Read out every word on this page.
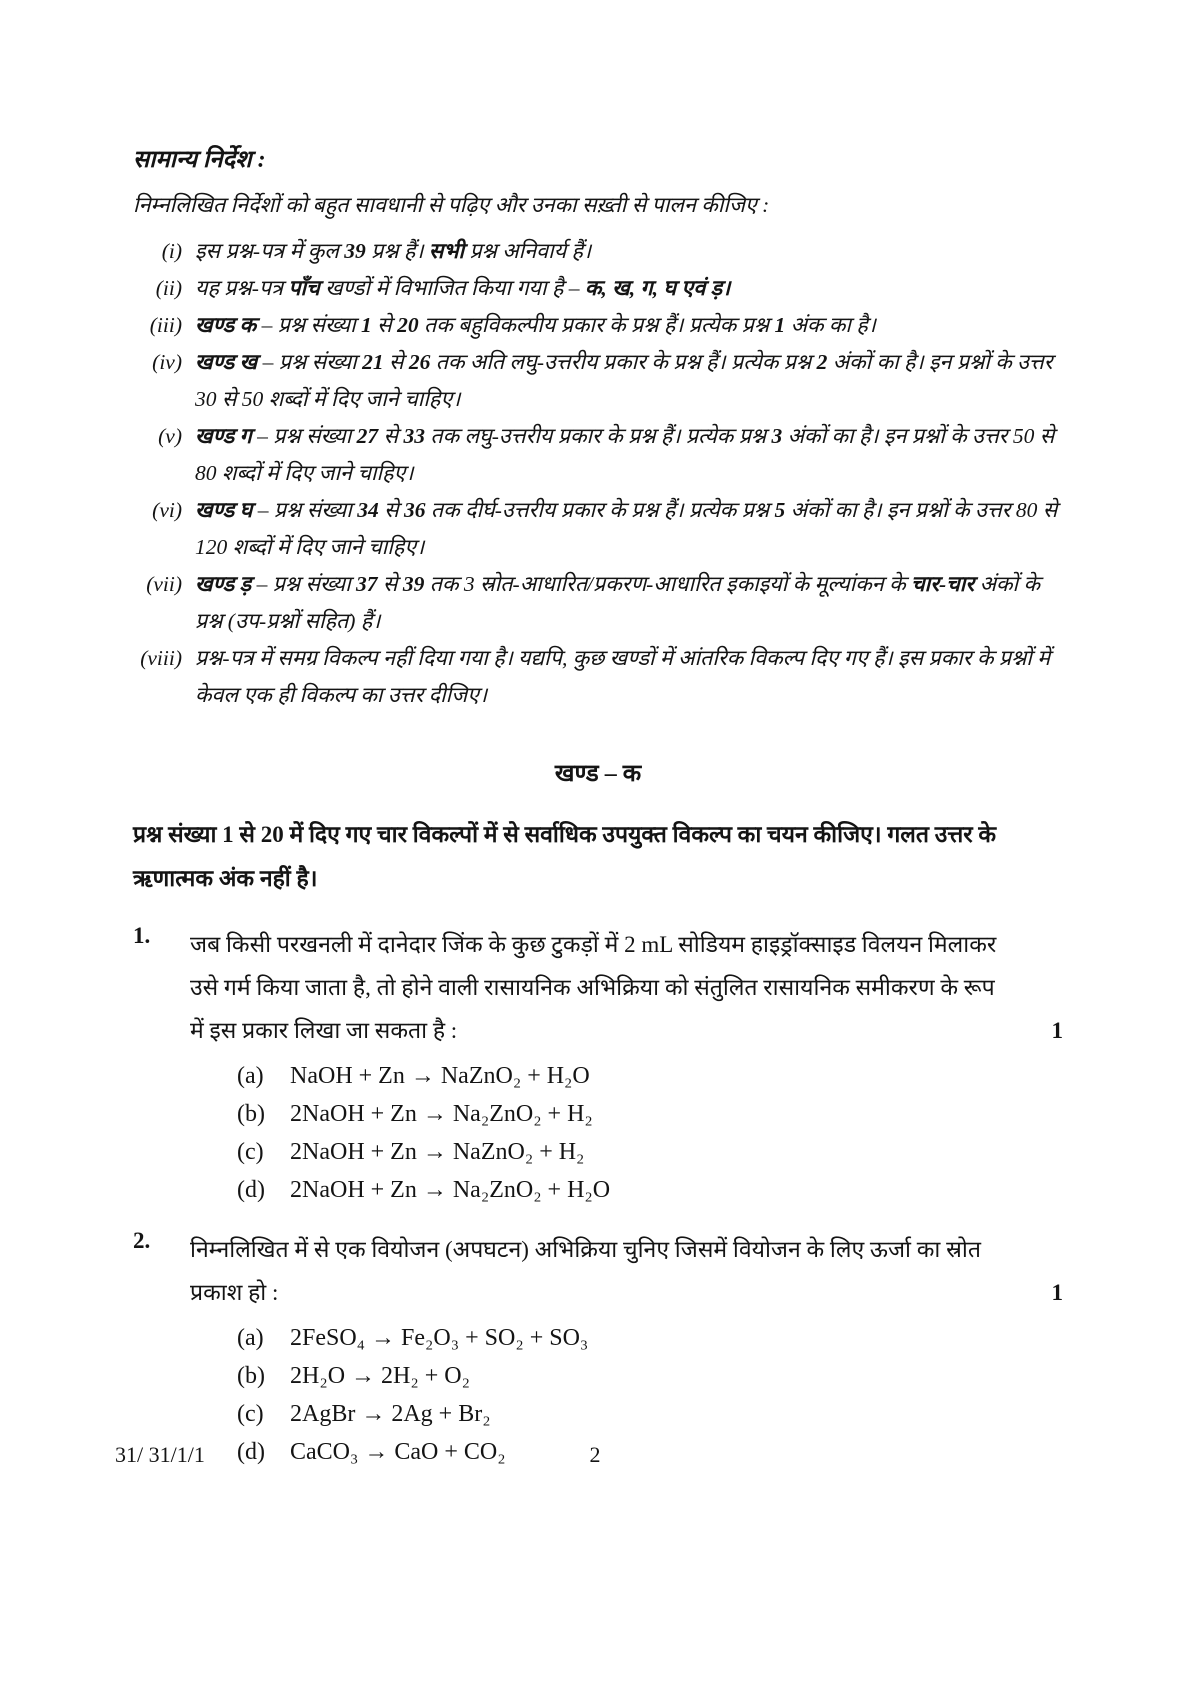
सामान्य निर्देश :

निम्नलिखित निर्देशों को बहुत सावधानी से पढ़िए और उनका सख़्ती से पालन कीजिए :

(i) इस प्रश्न-पत्र में कुल 39 प्रश्न हैं। सभी प्रश्न अनिवार्य हैं।
(ii) यह प्रश्न-पत्र पाँच खण्डों में विभाजित किया गया है – क, ख, ग, घ एवं ड़।
(iii) खण्ड क – प्रश्न संख्या 1 से 20 तक बहुविकल्पीय प्रकार के प्रश्न हैं। प्रत्येक प्रश्न 1 अंक का है।
(iv) खण्ड ख – प्रश्न संख्या 21 से 26 तक अति लघु-उत्तरीय प्रकार के प्रश्न हैं। प्रत्येक प्रश्न 2 अंकों का है। इन प्रश्नों के उत्तर 30 से 50 शब्दों में दिए जाने चाहिए।
(v) खण्ड ग – प्रश्न संख्या 27 से 33 तक लघु-उत्तरीय प्रकार के प्रश्न हैं। प्रत्येक प्रश्न 3 अंकों का है। इन प्रश्नों के उत्तर 50 से 80 शब्दों में दिए जाने चाहिए।
(vi) खण्ड घ – प्रश्न संख्या 34 से 36 तक दीर्घ-उत्तरीय प्रकार के प्रश्न हैं। प्रत्येक प्रश्न 5 अंकों का है। इन प्रश्नों के उत्तर 80 से 120 शब्दों में दिए जाने चाहिए।
(vii) खण्ड ड़ – प्रश्न संख्या 37 से 39 तक 3 स्रोत-आधारित/प्रकरण-आधारित इकाइयों के मूल्यांकन के चार-चार अंकों के प्रश्न (उप-प्रश्नों सहित) हैं।
(viii) प्रश्न-पत्र में समग्र विकल्प नहीं दिया गया है। यद्यपि, कुछ खण्डों में आंतरिक विकल्प दिए गए हैं। इस प्रकार के प्रश्नों में केवल एक ही विकल्प का उत्तर दीजिए।
खण्ड – क

प्रश्न संख्या 1 से 20 में दिए गए चार विकल्पों में से सर्वाधिक उपयुक्त विकल्प का चयन कीजिए। गलत उत्तर के ऋणात्मक अंक नहीं है।

1.	जब किसी परखनली में दानेदार जिंक के कुछ टुकड़ों में 2 mL सोडियम हाइड्रॉक्साइड विलयन मिलाकर उसे गर्म किया जाता है, तो होने वाली रासायनिक अभिक्रिया को संतुलित रासायनिक समीकरण के रूप में इस प्रकार लिखा जा सकता है :	1
(a)	NaOH + Zn → NaZnO₂ + H₂O
(b)	2NaOH + Zn → Na₂ZnO₂ + H₂
(c)	2NaOH + Zn → NaZnO₂ + H₂
(d)	2NaOH + Zn → Na₂ZnO₂ + H₂O
2.	निम्नलिखित में से एक वियोजन (अपघटन) अभिक्रिया चुनिए जिसमें वियोजन के लिए ऊर्जा का स्रोत प्रकाश हो :	1
(a)	2FeSO₄ → Fe₂O₃ + SO₂ + SO₃
(b)	2H₂O → 2H₂ + O₂
(c)	2AgBr → 2Ag + Br₂
(d)	CaCO₃ → CaO + CO₂
31/ 31/1/1	2
